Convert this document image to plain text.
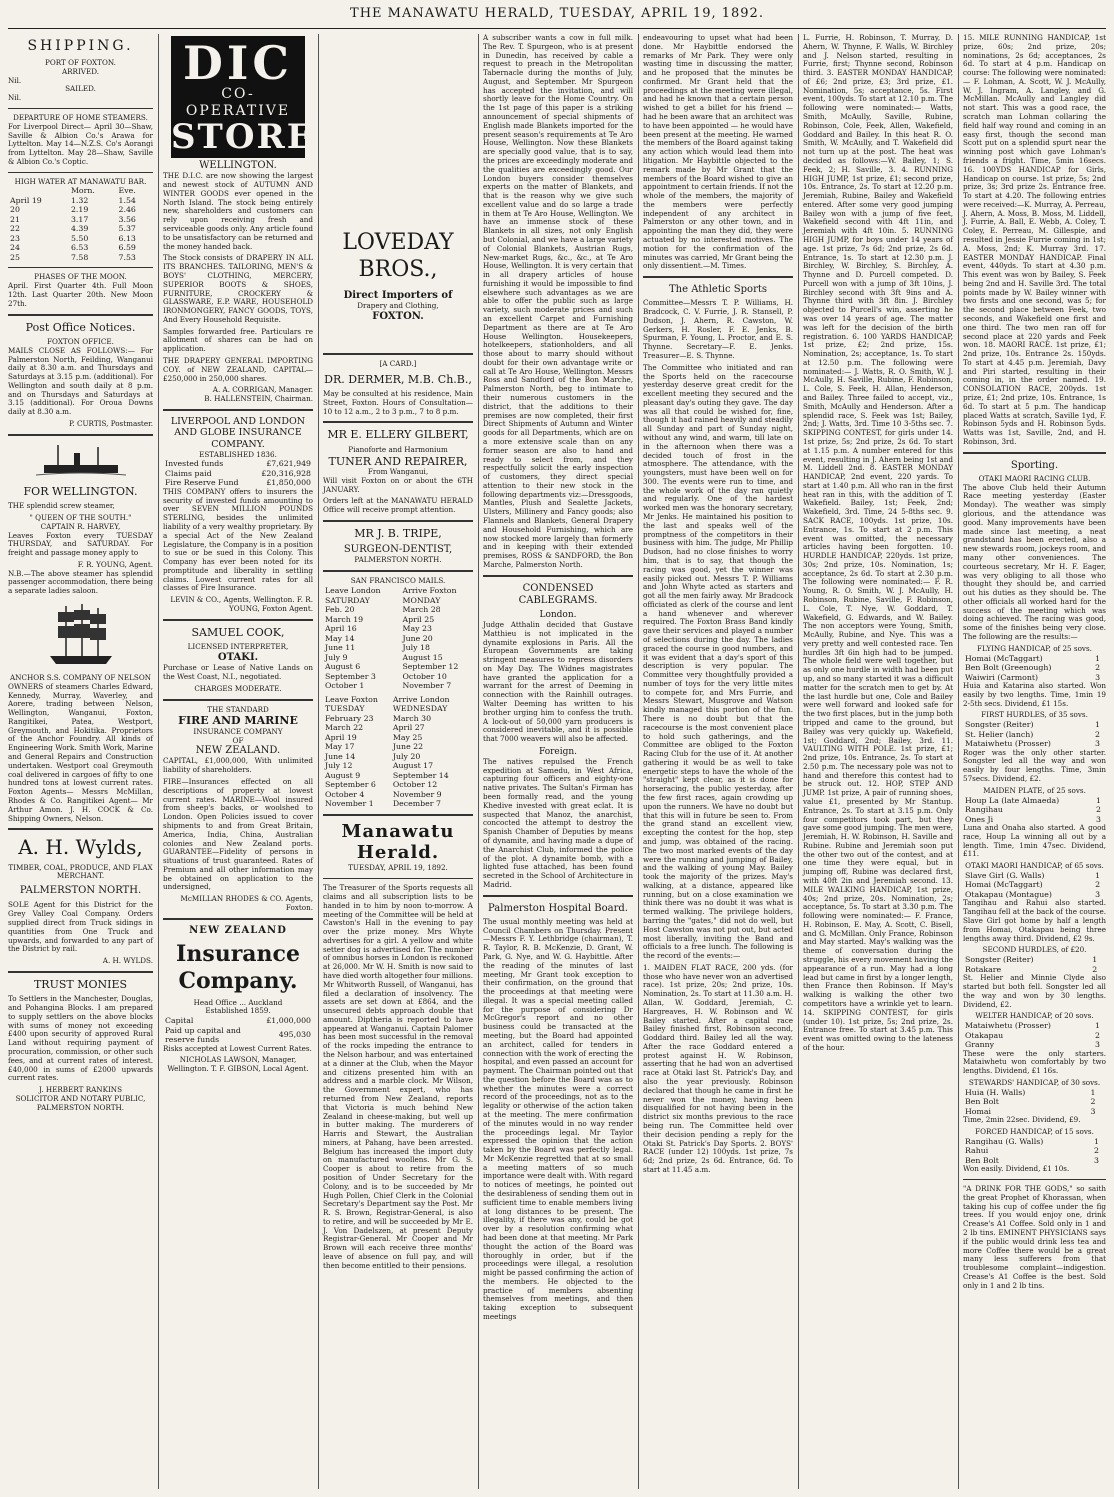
THE MANAWATU HERALD, TUESDAY, APRIL 19, 1892.
SHIPPING.
PORT OF FOXTON.
ARRIVED.
Nil.
SAILED.
Nil.
DEPARTURE OF HOME STEAMERS.

For Liverpool Direct— April 30—Shaw, Saville & Albion Co.'s Arawa for Lyttelton. May 14—N.Z.S. Co's Aorangi from Lyttelton. May 28—Shaw, Saville & Albion Co.'s Coptic.

HIGH WATER AT MANAWATU BAR.
	Morn.	Eve.
April 19	1.32	1.54
20	2.19	2.46
21	3.17	3.56
22	4.39	5.37
23	5.50	6.13
24	6.53	6.59
25	7.58	7.53
PHASES OF THE MOON.

April. First Quarter 4th. Full Moon 12th. Last Quarter 20th. New Moon 27th.

Post Office Notices.
FOXTON OFFICE.

MAILS CLOSE AS FOLLOWS:— For Palmerston North, Feilding, Wanganui daily at 8.30 a.m. and Thursdays and Saturdays at 3.15 p.m. (additional). For Wellington and south daily at 8 p.m. and on Thursdays and Saturdays at 3.15 (additional). For Oroua Downs daily at 8.30 a.m.

P. CURTIS, Postmaster.
FOR WELLINGTON.

THE splendid screw steamer,

" QUEEN OF THE SOUTH."
CAPTAIN R. HARVEY,

Leaves Foxton every TUESDAY THURSDAY, and SATURDAY. For freight and passage money apply to

F. R. YOUNG, Agent.

N.B.—The above steamer has splendid passenger accommodation, there being a separate ladies saloon.

ANCHOR S.S. COMPANY OF NELSON

OWNERS of steamers Charles Edward, Kennedy, Murray, Waverley, and Aorere, trading between Nelson, Wellington, Wanganui, Foxton, Rangitikei, Patea, Westport, Greymouth, and Hokitika. Proprietors of the Anchor Foundry. All kinds of Engineering Work. Smith Work, Marine and General Repairs and Construction undertaken. Westport coal Greymouth coal delivered in cargoes of fifty to one hundred tons at lowest current rates. Foxton Agents— Messrs McMillan, Rhodes & Co. Rangitikei Agent— Mr Arthur Amon. J. H. COCK & Co. Shipping Owners, Nelson.

A. H. Wylds,
TIMBER, COAL, PRODUCE, AND FLAX MERCHANT.
PALMERSTON NORTH.

SOLE Agent for this District for the Grey Valley Coal Company. Orders supplied direct from Truck sidings in quantities from One Truck and upwards, and forwarded to any part of the District by rail.

A. H. WYLDS.
TRUST MONIES

To Settlers in the Manchester, Douglas, and Pohangina Blocks. I am prepared to supply settlers on the above blocks with sums of money not exceeding £400 upon security of approved Rural Land without requiring payment of procuration, commission, or other such fees, and at current rates of interest. £40,000 in sums of £2000 upwards current rates.

J. HERBERT RANKINS
SOLICITOR AND NOTARY PUBLIC, PALMERSTON NORTH.
DIC
CO-OPERATIVE
STORES
WELLINGTON.

THE D.I.C. are now showing the largest and newest stock of AUTUMN AND WINTER GOODS ever opened in the North Island. The stock being entirely new, shareholders and customers can rely upon receiving fresh and serviceable goods only. Any article found to be unsatisfactory can be returned and the money handed back.

The Stock consists of DRAPERY IN ALL ITS BRANCHES. TAILORING, MEN'S & BOYS' CLOTHING, MERCERY, SUPERIOR BOOTS & SHOES, FURNITURE, CROCKERY & GLASSWARE, E.P. WARE, HOUSEHOLD IRONMONGERY, FANCY GOODS, TOYS, And Every Household Requisite.

Samples forwarded free. Particulars re allotment of shares can be had on application.

THE DRAPERY GENERAL IMPORTING COY. of NEW ZEALAND, CAPITAL—£250,000 in 250,000 shares.

A. A. CORRIGAN, Manager.
B. HALLENSTEIN, Chairman.
LIVERPOOL AND LONDON AND GLOBE INSURANCE COMPANY.
ESTABLISHED 1836.
Invested funds	£7,621,949
Claims paid	£20,316,928
Fire Reserve Fund	£1,850,000

THIS COMPANY offers to insurers the security of invested funds amounting to over SEVEN MILLION POUNDS STERLING, besides the unlimited liability of a very wealthy proprietary. By a special Act of the New Zealand Legislature, the Company is in a position to sue or be sued in this Colony. This Company has ever been noted for its promptitude and liberality in settling claims. Lowest current rates for all classes of Fire Insurance.

LEVIN & CO., Agents, Wellington. F. R. YOUNG, Foxton Agent.
SAMUEL COOK,
LICENSED INTERPRETER,
OTAKI.

Purchase or Lease of Native Lands on the West Coast, N.I., negotiated.

CHARGES MODERATE.
THE STANDARD
FIRE AND MARINE
INSURANCE COMPANY
OF
NEW ZEALAND.

CAPITAL, £1,000,000, With unlimited liability of shareholders.

FIRE—Insurances effected on all descriptions of property at lowest current rates. MARINE—Wool insured from sheep's backs, or woolshed to London. Open Policies issued to cover shipments to and from Great Britain, America, India, China, Australian colonies and New Zealand ports. GUARANTEE—Fidelity of persons in situations of trust guaranteed. Rates of Premium and all other information may be obtained on application to the undersigned,

McMILLAN RHODES & CO. Agents, Foxton.
NEW ZEALAND
Insurance Company.
Head Office ... Auckland
Established 1859.
Capital	£1,000,000
Paid up capital and reserve funds	495,030

Risks accepted at Lowest Current Rates.

NICHOLAS LAWSON, Manager, Wellington. T. F. GIBSON, Local Agent.
LOVEDAY BROS.,
Direct Importers of
Drapery and Clothing,
FOXTON.
[A CARD.]
DR. DERMER, M.B. Ch.B.,

May be consulted at his residence, Main Street, Foxton. Hours of Consultation—10 to 12 a.m., 2 to 3 p.m., 7 to 8 p.m.

MR E. ELLERY GILBERT,
Pianoforte and Harmonium
TUNER AND REPAIRER,
From Wanganui,

Will visit Foxton on or about the 6TH JANUARY.

Orders left at the MANAWATU HERALD Office will receive prompt attention.

MR J. B. TRIPE,
SURGEON-DENTIST,
PALMERSTON NORTH.
SAN FRANCISCO MAILS.
Leave London SATURDAY	Arrive Foxton MONDAY
Feb. 20	March 28
March 19	April 25
April 16	May 23
May 14	June 20
June 11	July 18
July 9	August 15
August 6	September 12
September 3	October 10
October 1	November 7
Leave Foxton TUESDAY	Arrive London WEDNESDAY
February 23	March 30
March 22	April 27
April 19	May 25
May 17	June 22
June 14	July 20
July 12	August 17
August 9	September 14
September 6	October 12
October 4	November 9
November 1	December 7
Manawatu Herald.
TUESDAY, APRIL 19, 1892.

The Treasurer of the Sports requests all claims and all subscription lists to be handed in to him by noon to-morrow. A meeting of the Committee will be held at Cawston's Hall in the evening to pay over the prize money. Mrs Whyte advertises for a girl. A yellow and white setter dog is advertised for. The number of omnibus horses in London is reckoned at 26,000. Mr W. H. Smith is now said to have died worth altogether four millions. Mr Whitworth Russell, of Wanganui, has filed a declaration of insolvency. The assets are set down at £864, and the unsecured debts approach double that amount. Diptheria is reported to have appeared at Wanganui. Captain Palomer has been most successful in the removal of the rocks impeding the entrance to the Nelson harbour, and was entertained at a dinner at the Club, when the Mayor and citizens presented him with an address and a marble clock. Mr Wilson, the Government expert, who has returned from New Zealand, reports that Victoria is much behind New Zealand in cheese-making, but well up in butter making. The murderers of Harris and Stewart, the Australian miners, at Pahang, have been arrested. Belgium has increased the import duty on manufactured woollens. Mr G. S. Cooper is about to retire from the position of Under Secretary for the Colony, and is to be succeeded by Mr Hugh Pollen, Chief Clerk in the Colonial Secretary's Department say the Post. Mr R. S. Brown, Registrar-General, is also to retire, and will be succeeded by Mr E. J. Von Dadelszen, at present Deputy Registrar-General. Mr Cooper and Mr Brown will each receive three months' leave of absence on full pay, and will then become entitled to their pensions.

A subscriber wants a cow in full milk. The Rev. T. Spurgeon, who is at present in Dunedin, has received by cable a request to preach in the Metropolitan Tabernacle during the months of July, August, and September. Mr Spurgeon has accepted the invitation, and will shortly leave for the Home Country. On the 1st page of this paper is a striking announcement of special shipments of English made Blankets imported for the present season's requirements at Te Aro House, Wellington. Now these Blankets are specially good value, that is to say, the prices are exceedingly moderate and the qualities are exceedingly good. Our London buyers consider themselves experts on the matter of Blankets, and that is the reason why we give such excellent value and do so large a trade in them at Te Aro House, Wellington. We have an immense stock of these Blankets in all sizes, not only English but Colonial, and we have a large variety of Colonial Blankets, Austrian Rugs, New-market Rugs, &c., &c., at Te Aro House, Wellington. It is very certain that in all drapery articles of house furnishing it would be impossible to find elsewhere such advantages as we are able to offer the public such as large variety, such moderate prices and such an excellent Carpet and Furnishing Department as there are at Te Aro House Wellington. Housekeepers, hotelkeepers, stationholders, and all those about to marry should without doubt for their own advantage write or call at Te Aro House, Wellington. Messrs Ross and Sandford of the Bon Marche, Palmerston North, beg to intimate to their numerous customers in the district, that the additions to their premises are now completed, their first Direct Shipments of Autumn and Winter goods for all Departments, which are on a more extensive scale than on any former season are also to hand and ready to select from, and they respectfully solicit the early inspection of customers, they direct special attention to their new stock in the following departments viz:—Dressgoods, Mantles, Plush and Sealette Jackets, Ulsters, Millinery and Fancy goods; also Flannels and Blankets, General Drapery and Household Furnishing, which are now stocked more largely than formerly and in keeping with their extended premises, ROSS & SANDFORD, the Bon Marche, Palmerston North.

CONDENSED CABLEGRAMS.
London.

Judge Atthalin decided that Gustave Matthieu is not implicated in the dynamite explosions in Paris. All the European Governments are taking stringent measures to repress disorders on May Day. The Widnes magistrates have granted the application for a warrant for the arrest of Deeming in connection with the Rainhill outrages. Walter Deeming has written to his brother urging him to confess the truth. A lock-out of 50,000 yarn producers is considered inevitable, and it is possible that 7000 weavers will also be affected.

Foreign.

The natives repulsed the French expedition at Samedu, in West Africa, capturing four officers and eighty-one native privates. The Sultan's Firman has been formally read, and the young Khedive invested with great eclat. It is suspected that Manoz, the anarchist, concocted the attempt to destroy the Spanish Chamber of Deputies by means of dynamite, and having made a dupe of the Anarchist Club, informed the police of the plot. A dynamite bomb, with a lighted fuse attached, has been found secreted in the School of Architecture in Madrid.

Palmerston Hospital Board.

The usual monthly meeting was held at Council Chambers on Thursday. Present—Messrs F. Y. Lethbridge (chairman), T. R. Taylor, R. B. McKenzie, D. Grant, W. Park, G. Nye, and W. G. Haybittle. After the reading of the minutes of last meeting, Mr Grant took exception to their confirmation, on the ground that the proceedings at that meeting were illegal. It was a special meeting called for the purpose of considering Dr McGregor's report and no other business could be transacted at the meeting, but the Board had appointed an architect, called for tenders in connection with the work of erecting the hospital, and even passed an account for payment. The Chairman pointed out that the question before the Board was as to whether the minutes were a correct record of the proceedings, not as to the legality or otherwise of the action taken at the meeting. The mere confirmation of the minutes would in no way render the proceedings legal. Mr Taylor expressed the opinion that the action taken by the Board was perfectly legal. Mr McKenzie regretted that at so small a meeting matters of so much importance were dealt with. With regard to notices of meetings, he pointed out the desirableness of sending them out in sufficient time to enable members living at long distances to be present. The illegality, if there was any, could be got over by a resolution confirming what had been done at that meeting. Mr Park thought the action of the Board was thoroughly in order, but if the proceedings were illegal, a resolution might be passed confirming the action of the members. He objected to the practice of members absenting themselves from meetings, and then taking exception to subsequent meetings

endeavouring to upset what had been done. Mr Haybittle endorsed the remarks of Mr Park. They were only wasting time in discussing the matter, and he proposed that the minutes be confirmed. Mr Grant held that the proceedings at the meeting were illegal, and had he known that a certain person wished to get a billet for his friend — had he been aware that an architect was to have been appointed — he would have been present at the meeting. He warned the members of the Board against taking any action which would lead them into litigation. Mr Haybittle objected to the remark made by Mr Grant that the members of the Board wished to give an appointment to certain friends. If not the whole of the members, the majority of the members were perfectly independent of any architect in Palmerston or any other town, and in appointing the man they did, they were actuated by no interested motives. The motion for the confirmation of the minutes was carried, Mr Grant being the only dissentient.—M. Times.

The Athletic Sports

Committee—Messrs T. P. Williams, H. Bradcock, C. V. Furrie, J. R. Stansell, P. Dudson, J. Ahern, R. Cawston, W. Gerkers, H. Rosler, F. E. Jenks, B. Spurman, F. Young, L. Proctor, and E. S. Thynne. Secretary—F. E. Jenks. Treasurer—E. S. Thynne.

The Committee who initiated and ran the Sports held on the racecourse yesterday deserve great credit for the excellent meeting they secured and the pleasant day's outing they gave. The day was all that could be wished for, fine, though it had rained heavily and steadily all Sunday and part of Sunday night, without any wind, and warm, till late on in the afternoon when there was a decided touch of frost in the atmosphere. The attendance, with the youngsters, must have been well on for 300. The events were run to time, and the whole work of the day ran quietly and regularly. One of the hardest worked men was the honorary secretary, Mr Jenks. He maintained his position to the last and speaks well of the promptness of the competitors in their business with him. The judge, Mr Phillip Dudson, had no close finishes to worry him, that is to say, that though the racing was good, yet the winner was easily picked out. Messrs T. P. Williams and John Whyte acted as starters and got all the men fairly away. Mr Bradcock officiated as clerk of the course and lent a hand whenever and wherever required. The Foxton Brass Band kindly gave their services and played a number of selections during the day. The ladies graced the course in good numbers, and it was evident that a day's sport of this description is very popular. The Committee very thoughtfully provided a number of toys for the very little mites to compete for, and Mrs Furrie, and Messrs Stewart, Musgrove and Watson kindly managed this portion of the fun. There is no doubt but that the racecourse is the most convenient place to hold such gatherings, and the Committee are obliged to the Foxton Racing Club for the use of it. At another gathering it would be as well to take energetic steps to have the whole of the "straight" kept clear, as it is done for horseracing, the public yesterday, after the few first races, again crowding up upon the runners. We have no doubt but that this will in future be seen to. From the grand stand an excellent view, excepting the contest for the hop, step and jump, was obtained of the racing. The two most marked events of the day were the running and jumping of Bailey, and the walking of young May. Bailey took the majority of the prizes. May's walking, at a distance, appeared like running, but on a close examination we think there was no doubt it was what is termed walking. The privilege holders, barring the "gates," did not do well, but Host Cawston was not put out, but acted most liberally, inviting the Band and officials to a free lunch. The following is the record of the events:—

1. MAIDEN FLAT RACE, 200 yds. (for those who have never won an advertised race). 1st prize, 20s; 2nd prize, 10s. Nomination, 2s. To start at 11.30 a.m. H. Allan, W. Goddard, Jeremiah, C. Hargreaves, H. W. Robinson and W. Bailey started. After a capital race Bailey finished first, Robinson second, Goddard third. Bailey led all the way. After the race Goddard entered a protest against H. W. Robinson, asserting that he had won an advertised race at Otaki last St. Patrick's Day, and also the year previously. Robinson declared that though he came in first he never won the money, having been disqualified for not having been in the district six months previous to the race being run. The Committee held over their decision pending a reply for the Otaki St. Patrick's Day Sports. 2. BOYS' RACE (under 12) 100yds. 1st prize, 7s 6d; 2nd prize, 2s 6d. Entrance, 6d. To start at 11.45 a.m.

L. Furrie, H. Robinson, T. Murray, D. Ahern, W. Thynne, F. Walls, W. Birchley and J. Nelson started, resulting in Furrie, first; Thynne second, Robinson third. 3. EASTER MONDAY HANDICAP, of £6; 2nd prize, £3; 3rd prize, £1. Nomination, 5s; acceptance, 5s. First event, 100yds. To start at 12.10 p.m. The following were nominated:— Watts, Smith, McAully, Saville, Rubine, Robinson, Cole, Feek, Allen, Wakefield, Goddard and Bailey. In this heat R. O. Smith, W. McAully, and T. Wakefield did not turn up at the post. The heat was decided as follows:—W. Bailey, 1; S. Feek, 2; H. Saville, 3. 4. RUNNING HIGH JUMP, 1st prize, £1; second prize, 10s. Entrance, 2s. To start at 12.20 p.m. Jeremiah, Rubine, Bailey and Wakefield entered. After some very good jumping Bailey won with a jump of five feet, Wakefield second with 4ft 11in, and Jeremiah with 4ft 10in. 5. RUNNING HIGH JUMP, for boys under 14 years of age. 1st prize, 7s 6d; 2nd prize, 2s 6d. Entrance, 1s. To start at 12.30 p.m. J. Birchley, W. Birchley, S. Birchley, A. Thynne and D. Purcell competed. D. Purcell won with a jump of 3ft 10ins, J. Birchley second with 3ft 9ins and A. Thynne third with 3ft 8in. J. Birchley objected to Purcell's win, asserting he was over 14 years of age. The matter was left for the decision of the birth registration. 6. 100 YARDS HANDICAP, 1st prize, £2; 2nd prize, 15s. Nomination, 2s; acceptance, 1s. To start at 12.50 p.m. The following were nominated:— J. Watts, R. O. Smith, W. J. McAully, H. Saville, Rubine, F. Robinson, L. Cole, S. Feek, H. Allan, Henderson, and Bailey. Three failed to accept, viz., Smith, McAully and Henderson. After a splendid race, S. Feek was 1st; Bailey, 2nd; J. Watts, 3rd. Time 10 3-5ths sec. 7. SKIPPING CONTEST, for girls under 14. 1st prize, 5s; 2nd prize, 2s 6d. To start at 1.15 p.m. A number entered for this event, resulting in J. Ahern being 1st and M. Liddell 2nd. 8. EASTER MONDAY HANDICAP, 2nd event, 220 yards. To start at 1.40 p.m. All who ran in the first heat ran in this, with the addition of T. Wakefield. Bailey, 1st; Feek, 2nd; Wakefield, 3rd. Time, 24 5-8ths sec. 9. SACK RACE, 100yds. 1st prize, 10s. Entrance, 1s. To start at 2 p.m. This event was omitted, the necessary articles having been forgotten. 10. HURDLE HANDICAP, 220yds. 1st prize, 30s; 2nd prize, 10s. Nomination, 1s; acceptance, 2s 6d. To start at 2.30 p.m. The following were nominated:— F. R. Young, R. O. Smith, W. J. McAully, H. Robinson, Rubine, Saville, F. Robinson, L. Cole, T. Nye, W. Goddard, T. Wakefield, G. Edwards, and W. Bailey. The non acceptors were Young, Smith, McAully, Rubine, and Nye. This was a very pretty and well contested race. Ten hurdles 3ft 6in high had to be jumped. The whole field were well together, but as only one hurdle in width had been put up, and so many started it was a difficult matter for the scratch men to get by. At the last hurdle but one, Cole and Bailey were well forward and looked safe for the two first places, but in the jump both tripped and came to the ground, but Bailey was very quickly up. Wakefield, 1st; Goddard, 2nd; Bailey, 3rd. 11. VAULTING WITH POLE. 1st prize, £1; 2nd prize, 10s. Entrance, 2s. To start at 2.50 p.m. The necessary pole was not to hand and therefore this contest had to be struck out. 12. HOP, STEP AND JUMP. 1st prize, A pair of running shoes, value £1, presented by Mr Stantup. Entrance, 2s. To start at 3.15 p.m. Only four competitors took part, but they gave some good jumping. The men were, Jeremiah, H. W. Robinson, H. Saville and Rubine. Rubine and Jeremiah soon put the other two out of the contest, and at one time they were equal, but in jumping off, Rubine was declared first, with 40ft 2in and Jeremiah second. 13. MILE WALKING HANDICAP, 1st prize, 40s; 2nd prize, 20s. Nomination, 2s; acceptance, 5s. To start at 3.30 p.m. The following were nominated:— F. France, H. Robinson, E. May, A. Scott, C. Bisell, and G. McMillan. Only France, Robinson and May started. May's walking was the theme of conversation during the struggle, his every movement having the appearance of a run. May had a long lead but came in first by a longer length, then France then Robinson. If May's walking is walking the other two competitors have a wrinkle yet to learn. 14. SKIPPING CONTEST, for girls (under 10). 1st prize, 5s; 2nd prize, 2s. Entrance free. To start at 3.45 p.m. This event was omitted owing to the lateness of the hour.

15. MILE RUNNING HANDICAP, 1st prize, 60s; 2nd prize, 20s; nominations, 2s 6d; acceptances, 2s 6d. To start at 4 p.m. Handicap on course: The following were nominated:— F. Lohman, A. Scott, W. J. McAully, W. J. Ingram, A. Langley, and G. McMillan. McAully and Langley did not start. This was a good race, the scratch man Lohman collaring the field half way round and coming in an easy first, though the second man Scott put on a splendid spurt near the winning post which gave Lohman's friends a fright. Time, 5min 16secs. 16. 100YDS HANDICAP for Girls, Handicap on course. 1st prize, 5s; 2nd prize, 3s; 3rd prize 2s. Entrance free. To start at 4.20. The following entries were received:—K. Murray, A. Perreau, J. Ahern, A. Moss, B. Moss, M. Liddell, J. Furrie, A. Ball, E. Webb, A. Coley, T. Coley, E. Perreau, M. Gillespie, and resulted in Jessie Furrie coming in 1st; A. Moss, 2nd; K. Murray 3rd. 17. EASTER MONDAY HANDICAP. Final event, 440yds. To start at 4.30 p.m. This event was won by Bailey, S. Feek being 2nd and H. Saville 3rd. The total points made by W. Bailey winner with two firsts and one second, was 5; for the second place between Feek, two seconds, and Wakefield one first and one third. The two men ran off for second place at 220 yards and Feek won. 18. MAORI RACE. 1st prize, £1; 2nd prize, 10s. Entrance 2s. 150yds. To start at 4.45 p.m. Jeremiah, Davy and Piri started, resulting in their coming in, in the order named. 19. CONSOLATION RACE, 200yds. 1st prize, £1; 2nd prize, 10s. Entrance, 1s 6d. To start at 5 p.m. The handicap placed Watts at scratch, Saville 1yd, F. Robinson 5yds and H. Robinson 5yds. Watts was 1st, Saville, 2nd, and H. Robinson, 3rd.

Sporting.
OTAKI MAORI RACING CLUB.

The above Club held their Autumn Race meeting yesterday (Easter Monday). The weather was simply glorious, and the attendance was good. Many improvements have been made since last meeting, a neat grandstand has been erected, also a new stewards room, jockeys room, and many other conveniences. The courteous secretary, Mr H. F. Eager, was very obliging to all those who thought they should be, and carried out his duties as they should be. The other officials all worked hard for the success of the meeting which was doing achieved. The racing was good, some of the finishes being very close. The following are the results:—

FLYING HANDICAP, of 25 sovs.
Homai (McTaggart)	1
Ben Bolt (Greenough)	2
Waiwiri (Carmont)	3

Huia and Katarina also started. Won easily by two lengths. Time, 1min 19 2-5th secs. Dividend, £1 15s.

FIRST HURDLES, of 35 sovs.
Songster (Reiter)	1
St. Helier (lanch)	2
Mataiwhetu (Prosser)	3

Roger was the only other starter. Songster led all the way and won easily by four lengths. Time, 3min 57secs. Dividend, £2.

MAIDEN PLATE, of 25 sovs.
Houp La (late Almaeda)	1
Rangihau	2
Ones Ji	3

Luna and Onaha also started. A good race, Houp La winning all out by a length. Time, 1min 47sec. Dividend, £11.

OTAKI MAORI HANDICAP, of 65 sovs.
Slave Girl (G. Walls)	1
Homai (McTaggart)	2
Otakapau (Montague)	3

Tangihau and Rahui also started. Tangihau fell at the back of the course. Slave Girl got home by half a length from Homai, Otakapau being three lengths away third. Dividend, £2 9s.

SECOND HURDLES, of £20.
Songster (Reiter)	1
Rotakare	2

St. Helier and Minnie Clyde also started but both fell. Songster led all the way and won by 30 lengths. Dividend, £2.

WELTER HANDICAP, of 20 sovs.
Mataiwhetu (Prosser)	1
Otakapau	2
Granny	3

These were the only starters. Mataiwhetu won comfortably by two lengths. Dividend, £1 16s.

STEWARDS' HANDICAP, of 30 sovs.
Huia (H. Walls)	1
Ben Bolt	2
Homai	3

Time, 2min 22sec. Dividend, £9.

FORCED HANDICAP, of 15 sovs.
Rangihau (G. Walls)	1
Rahui	2
Ben Bolt	3

Won easily. Dividend, £1 10s.

"A DRINK FOR THE GODS," so saith the great Prophet of Khorassan, when taking his cup of coffee under the fig trees. If you would enjoy one, drink Crease's A1 Coffee. Sold only in 1 and 2 lb tins. EMINENT PHYSICIANS says if the public would drink less tea and more Coffee there would be a great many less sufferers from that troublesome complaint—indigestion. Crease's A1 Coffee is the best. Sold only in 1 and 2 lb tins.
